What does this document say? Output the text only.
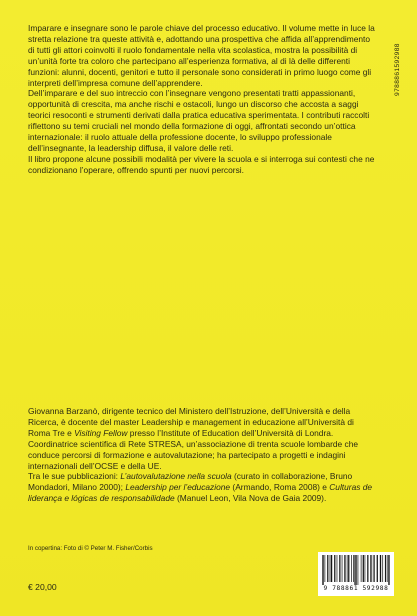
9788861592988

Imparare e insegnare sono le parole chiave del processo educativo. Il volume mette in luce la stretta relazione tra queste attività e, adottando una prospettiva che affida all’apprendimento di tutti gli attori coinvolti il ruolo fondamentale nella vita scolastica, mostra la possibilità di un’unità forte tra coloro che partecipano all’esperienza formativa, al di là delle differenti funzioni: alunni, docenti, genitori e tutto il personale sono considerati in primo luogo come gli interpreti dell’impresa comune dell’apprendere.

Dell’imparare e del suo intreccio con l’insegnare vengono presentati tratti appassionanti, opportunità di crescita, ma anche rischi e ostacoli, lungo un discorso che accosta a saggi teorici resoconti e strumenti derivati dalla pratica educativa sperimentata. I contributi raccolti riflettono su temi cruciali nel mondo della formazione di oggi, affrontati secondo un’ottica internazionale: il ruolo attuale della professione docente, lo sviluppo professionale dell’insegnante, la leadership diffusa, il valore delle reti.

Il libro propone alcune possibili modalità per vivere la scuola e si interroga sui contesti che ne condizionano l’operare, offrendo spunti per nuovi percorsi.

Giovanna Barzanò, dirigente tecnico del Ministero dell’Istruzione, dell’Università e della Ricerca, è docente del master Leadership e management in educazione all’Università di Roma Tre e Visiting Fellow presso l’Institute of Education dell’Università di Londra. Coordinatrice scientifica di Rete STRESA, un’associazione di trenta scuole lombarde che conduce percorsi di formazione e autovalutazione; ha partecipato a progetti e indagini internazionali dell’OCSE e della UE.

Tra le sue pubblicazioni: L’autovalutazione nella scuola (curato in collaborazione, Bruno Mondadori, Milano 2000); Leadership per l’educazione (Armando, Roma 2008) e Culturas de liderança e lógicas de responsabilidade (Manuel Leon, Vila Nova de Gaia 2009).

In copertina: Foto di © Peter M. Fisher/Corbis
€ 20,00	9 788861 592988
